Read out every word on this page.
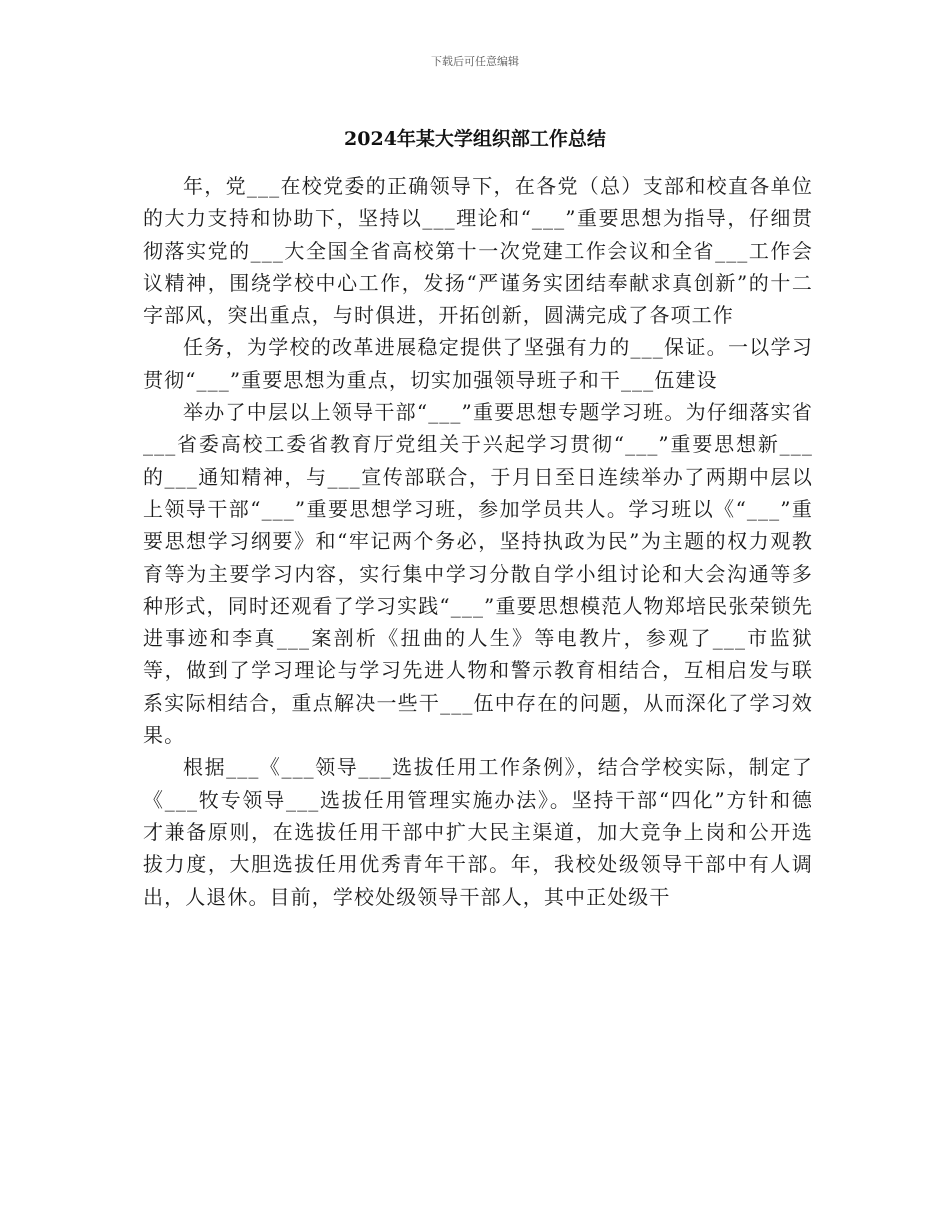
下载后可任意编辑
2024年某大学组织部工作总结

年，党___在校党委的正确领导下，在各党（总）支部和校直各单位的大力支持和协助下，坚持以___理论和“___”重要思想为指导，仔细贯彻落实党的___大全国全省高校第十一次党建工作会议和全省___工作会议精神，围绕学校中心工作，发扬“严谨务实团结奉献求真创新”的十二字部风，突出重点，与时俱进，开拓创新，圆满完成了各项工作

任务，为学校的改革进展稳定提供了坚强有力的___保证。一以学习贯彻“___”重要思想为重点，切实加强领导班子和干___伍建设

举办了中层以上领导干部“___”重要思想专题学习班。为仔细落实省___省委高校工委省教育厅党组关于兴起学习贯彻“___”重要思想新___的___通知精神，与___宣传部联合，于月日至日连续举办了两期中层以上领导干部“___”重要思想学习班，参加学员共人。学习班以《“___”重要思想学习纲要》和“牢记两个务必，坚持执政为民”为主题的权力观教育等为主要学习内容，实行集中学习分散自学小组讨论和大会沟通等多种形式，同时还观看了学习实践“___”重要思想模范人物郑培民张荣锁先进事迹和李真___案剖析《扭曲的人生》等电教片，参观了___市监狱等，做到了学习理论与学习先进人物和警示教育相结合，互相启发与联系实际相结合，重点解决一些干___伍中存在的问题，从而深化了学习效果。

根据___《___领导___选拔任用工作条例》，结合学校实际，制定了《___牧专领导___选拔任用管理实施办法》。坚持干部“四化”方针和德才兼备原则，在选拔任用干部中扩大民主渠道，加大竞争上岗和公开选拔力度，大胆选拔任用优秀青年干部。年，我校处级领导干部中有人调出，人退休。目前，学校处级领导干部人，其中正处级干
